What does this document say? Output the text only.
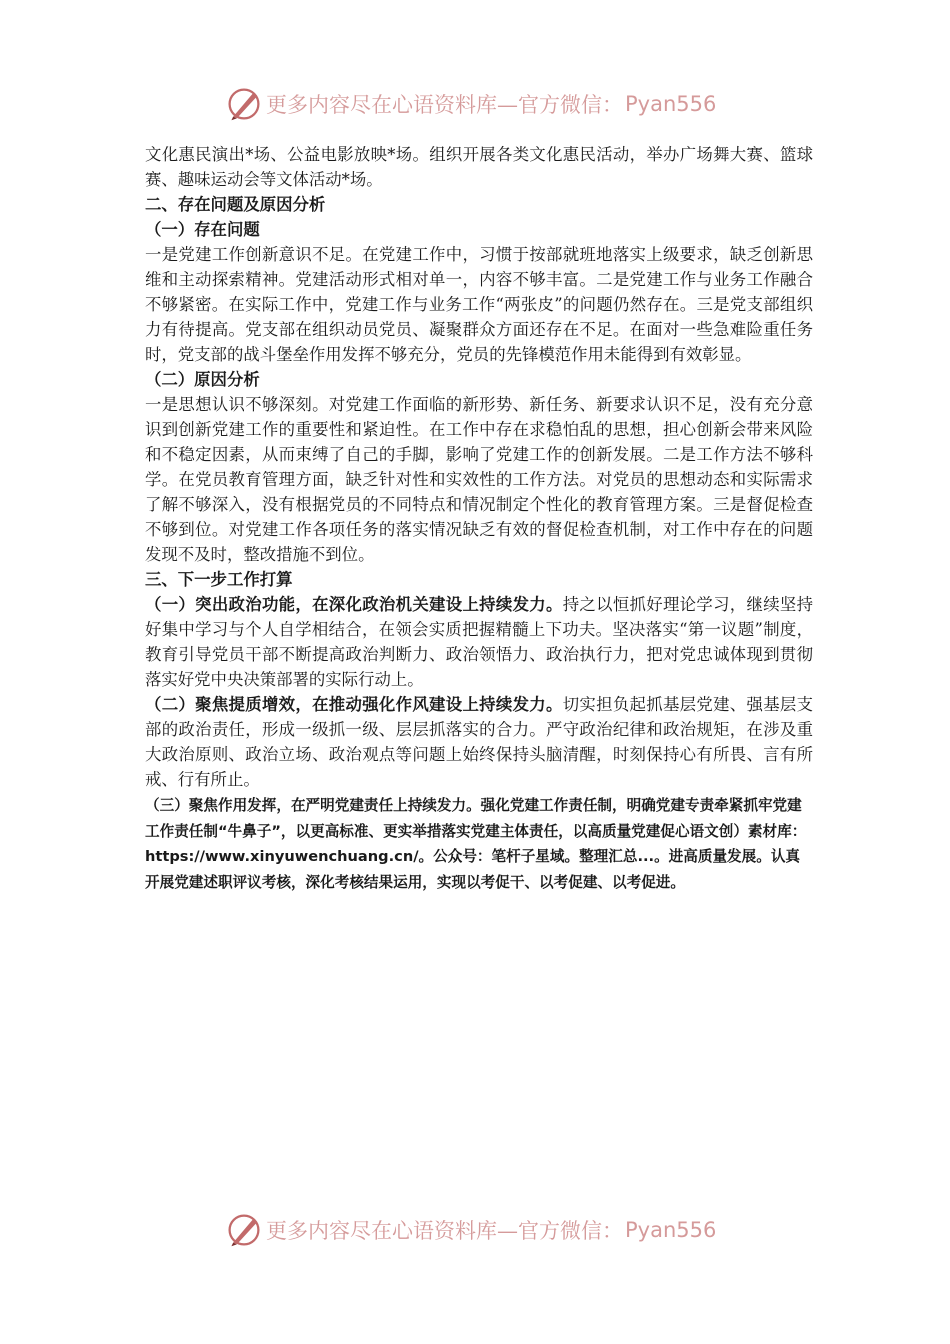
更多内容尽在心语资料库—官方微信： Pyan556

文化惠民演出*场、公益电影放映*场。组织开展各类文化惠民活动，举办广场舞大赛、篮球赛、趣味运动会等文体活动*场。

二、存在问题及原因分析

（一）存在问题

一是党建工作创新意识不足。在党建工作中，习惯于按部就班地落实上级要求，缺乏创新思维和主动探索精神。党建活动形式相对单一，内容不够丰富。二是党建工作与业务工作融合不够紧密。在实际工作中，党建工作与业务工作“两张皮”的问题仍然存在。三是党支部组织力有待提高。党支部在组织动员党员、凝聚群众方面还存在不足。在面对一些急难险重任务时，党支部的战斗堡垒作用发挥不够充分，党员的先锋模范作用未能得到有效彰显。

（二）原因分析

一是思想认识不够深刻。对党建工作面临的新形势、新任务、新要求认识不足，没有充分意识到创新党建工作的重要性和紧迫性。在工作中存在求稳怕乱的思想，担心创新会带来风险和不稳定因素，从而束缚了自己的手脚，影响了党建工作的创新发展。二是工作方法不够科学。在党员教育管理方面，缺乏针对性和实效性的工作方法。对党员的思想动态和实际需求了解不够深入，没有根据党员的不同特点和情况制定个性化的教育管理方案。三是督促检查不够到位。对党建工作各项任务的落实情况缺乏有效的督促检查机制，对工作中存在的问题发现不及时，整改措施不到位。

三、下一步工作打算

（一）突出政治功能，在深化政治机关建设上持续发力。持之以恒抓好理论学习，继续坚持好集中学习与个人自学相结合，在领会实质把握精髓上下功夫。坚决落实“第一议题”制度，教育引导党员干部不断提高政治判断力、政治领悟力、政治执行力，把对党忠诚体现到贯彻落实好党中央决策部署的实际行动上。

（二）聚焦提质增效，在推动强化作风建设上持续发力。切实担负起抓基层党建、强基层支部的政治责任，形成一级抓一级、层层抓落实的合力。严守政治纪律和政治规矩，在涉及重大政治原则、政治立场、政治观点等问题上始终保持头脑清醒，时刻保持心有所畏、言有所戒、行有所止。

（三）聚焦作用发挥，在严明党建责任上持续发力。强化党建工作责任制，明确党建专责牵紧抓牢党建工作责任制“牛鼻子”，以更高标准、更实举措落实党建主体责任，以高质量党建促心语文创）素材库：https://www.xinyuwenchuang.cn/。公众号：笔杆子星域。整理汇总...。进高质量发展。认真开展党建述职评议考核，深化考核结果运用，实现以考促干、以考促建、以考促进。

更多内容尽在心语资料库—官方微信： Pyan556
